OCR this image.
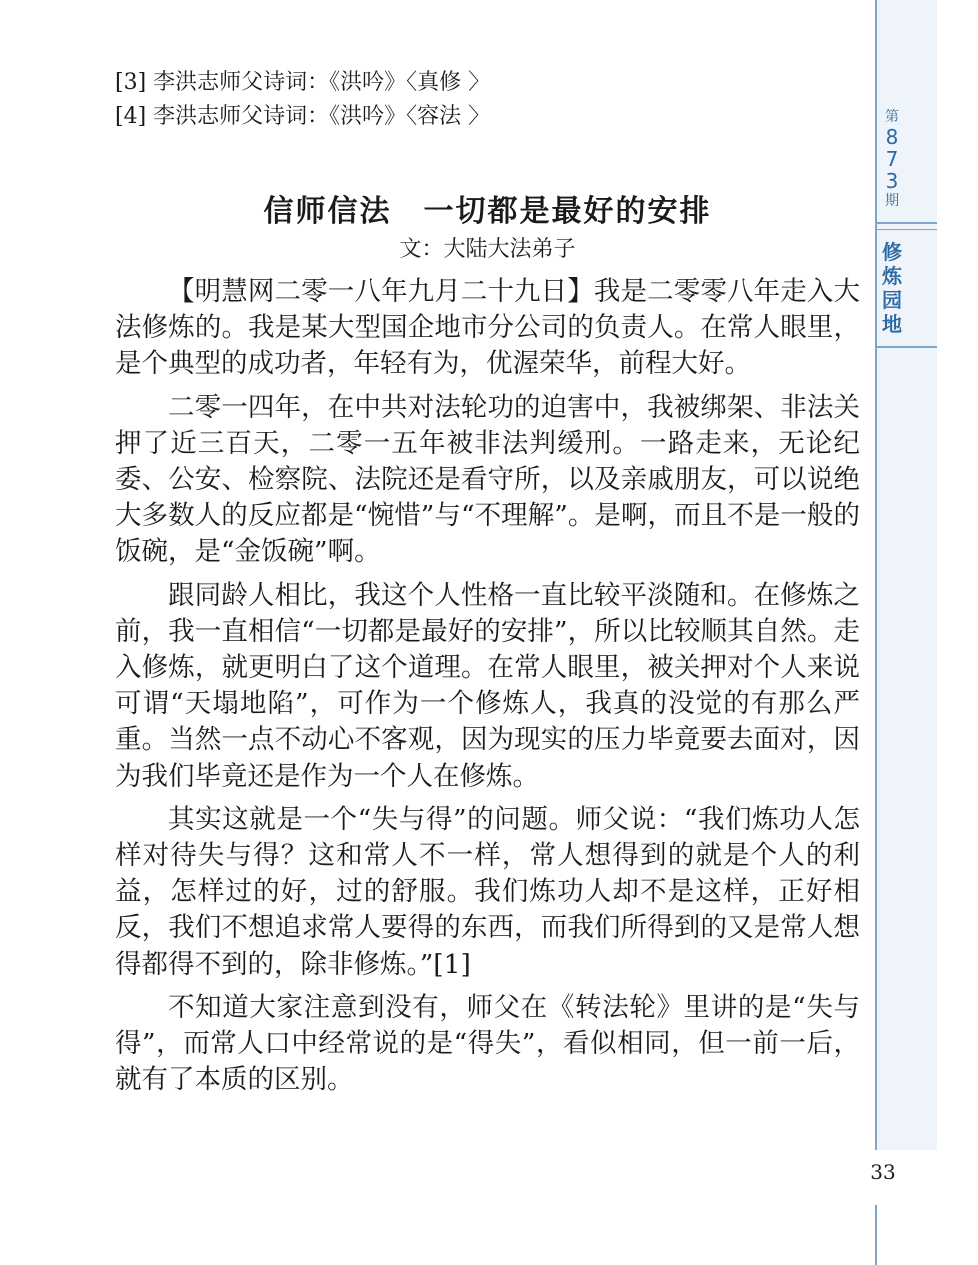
[3] 李洪志师父诗词：《洪吟》〈真修 〉
[4] 李洪志师父诗词：《洪吟》〈容法 〉
信师信法　一切都是最好的安排
文：大陆大法弟子

【明慧网二零一八年九月二十九日】我是二零零八年走入大法修炼的。我是某大型国企地市分公司的负责人。在常人眼里，是个典型的成功者，年轻有为，优渥荣华，前程大好。

二零一四年，在中共对法轮功的迫害中，我被绑架、非法关押了近三百天，二零一五年被非法判缓刑。一路走来，无论纪委、公安、检察院、法院还是看守所，以及亲戚朋友，可以说绝大多数人的反应都是“惋惜”与“不理解”。是啊，而且不是一般的饭碗，是“金饭碗”啊。

跟同龄人相比，我这个人性格一直比较平淡随和。在修炼之前，我一直相信“一切都是最好的安排”，所以比较顺其自然。走入修炼，就更明白了这个道理。在常人眼里，被关押对个人来说可谓“天塌地陷”，可作为一个修炼人，我真的没觉的有那么严重。当然一点不动心不客观，因为现实的压力毕竟要去面对，因为我们毕竟还是作为一个人在修炼。

其实这就是一个“失与得”的问题。师父说：“我们炼功人怎样对待失与得？这和常人不一样，常人想得到的就是个人的利益，怎样过的好，过的舒服。我们炼功人却不是这样，正好相反，我们不想追求常人要得的东西，而我们所得到的又是常人想得都得不到的，除非修炼。”[1]

不知道大家注意到没有，师父在《转法轮》里讲的是“失与得”，而常人口中经常说的是“得失”，看似相同，但一前一后，就有了本质的区别。

第
8
7
3
期
修
炼
园
地
33
